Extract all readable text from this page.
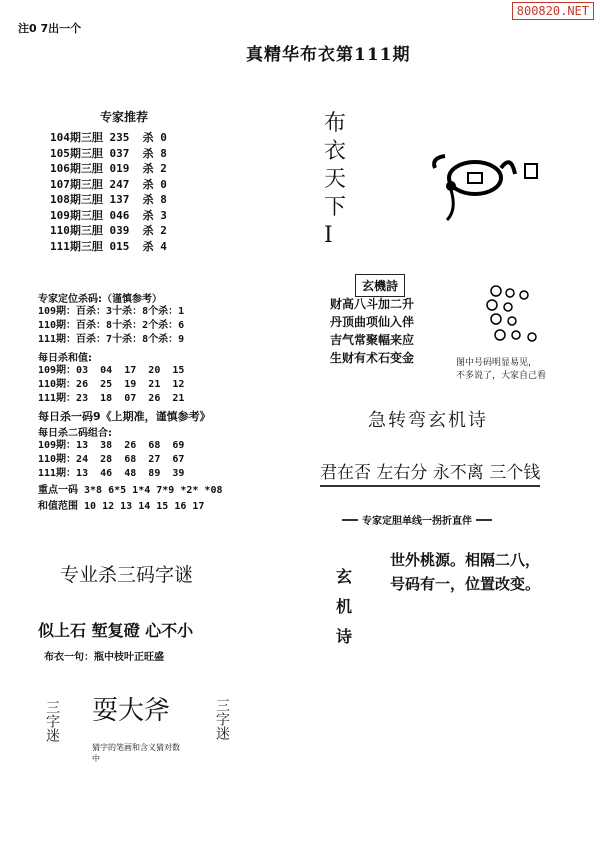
800820.NET
注0 7出一个
真精华布衣第111期
专家推荐
104期三胆 235  杀 0
105期三胆 037  杀 8
106期三胆 019  杀 2
107期三胆 247  杀 0
108期三胆 137  杀 8
109期三胆 046  杀 3
110期三胆 039  杀 2
111期三胆 015  杀 4
专家定位杀码:（谨慎参考）
109期：百杀：3十杀：8个杀：1
110期：百杀：8十杀：2个杀：6
111期：百杀：7十杀：8个杀：9
每日杀和值:
109期：03  04  17  20  15
110期：26  25  19  21  12
111期：23  18  07  26  21
每日杀一码9《上期准，谨慎参考》
每日杀二码组合:
109期：13  38  26  68  69
110期：24  28  68  27  67
111期：13  46  48  89  39
重点一码 3*8 6*5 1*4 7*9 *2* *08
和值范围 10 12 13 14 15 16 17
专业杀三码字谜
似上石 堑复磴 心不小
布衣一句：瓶中枝叶正旺盛
三字迷 耍大斧
猜字的笔画和含义猜对数中
三字迷
布衣天下I
玄機詩
财高八斗加二升
丹顶曲项仙入伴
吉气常聚幅来应
生财有术石变金	图中号码明显易见，
不多说了，大家自己看
急转弯玄机诗
君在否 左右分 永不离 三个钱
专家定胆单线一拐折直伴
玄机诗
世外桃源。相隔二八，
号码有一，位置改变。
